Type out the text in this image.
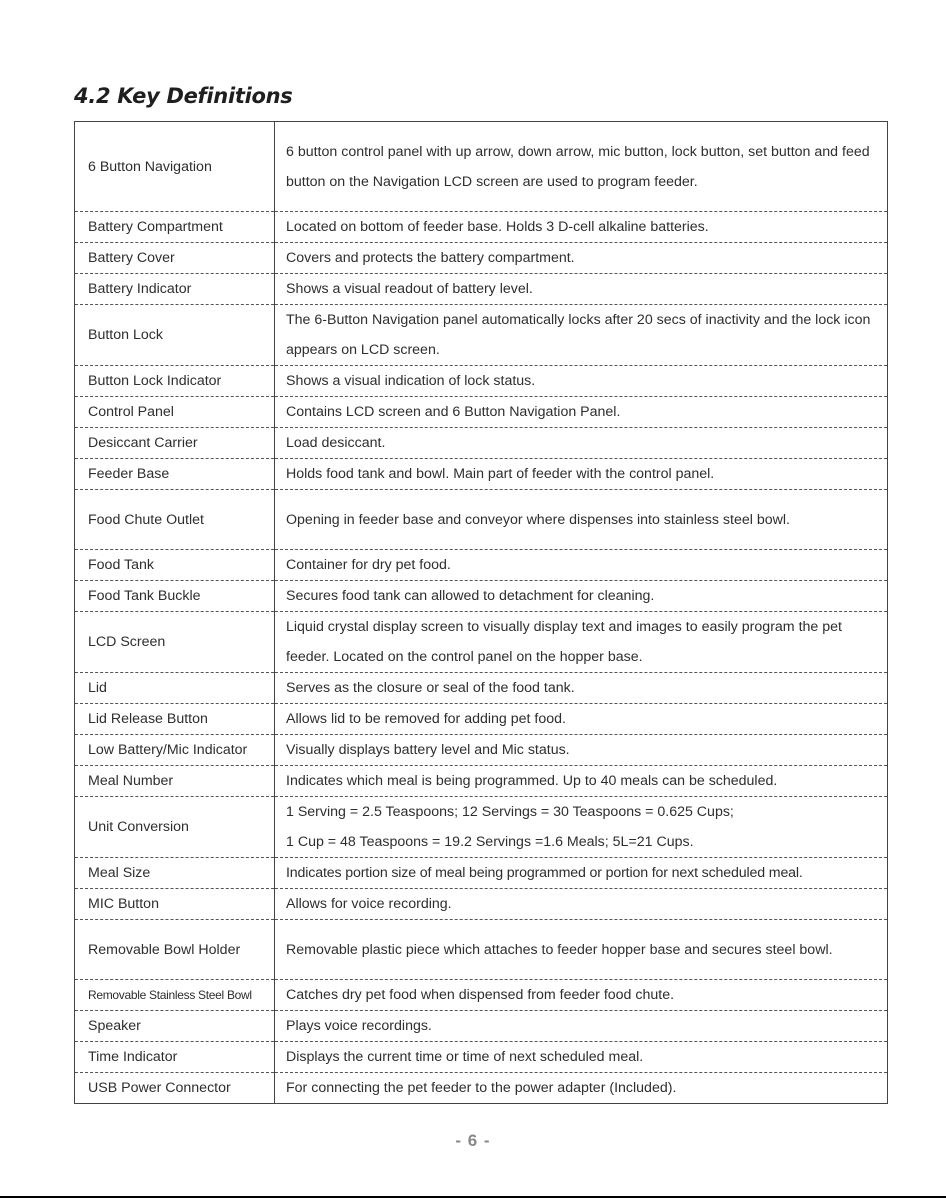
4.2 Key Definitions
6 Button Navigation	6 button control panel with up arrow, down arrow, mic button, lock button, set button and feed button on the Navigation LCD screen are used to program feeder.
Battery Compartment	Located on bottom of feeder base. Holds 3 D-cell alkaline batteries.
Battery Cover	Covers and protects the battery compartment.
Battery Indicator	Shows a visual readout of battery level.
Button Lock	The 6-Button Navigation panel automatically locks after 20 secs of inactivity and the lock icon appears on LCD screen.
Button Lock Indicator	Shows a visual indication of lock status.
Control Panel	Contains LCD screen and 6 Button Navigation Panel.
Desiccant Carrier	Load desiccant.
Feeder Base	Holds food tank and bowl. Main part of feeder with the control panel.
Food Chute Outlet	Opening in feeder base and conveyor where dispenses into stainless steel bowl.
Food Tank	Container for dry pet food.
Food Tank Buckle	Secures food tank can allowed to detachment for cleaning.
LCD Screen	Liquid crystal display screen to visually display text and images to easily program the pet feeder. Located on the control panel on the hopper base.
Lid	Serves as the closure or seal of the food tank.
Lid Release Button	Allows lid to be removed for adding pet food.
Low Battery/Mic Indicator	Visually displays battery level and Mic status.
Meal Number	Indicates which meal is being programmed. Up to 40 meals can be scheduled.
Unit Conversion	1 Serving = 2.5 Teaspoons; 12 Servings = 30 Teaspoons = 0.625 Cups;
1 Cup = 48 Teaspoons = 19.2 Servings =1.6 Meals; 5L=21 Cups.

Meal Size	Indicates portion size of meal being programmed or portion for next scheduled meal.
MIC Button	Allows for voice recording.
Removable Bowl Holder	Removable plastic piece which attaches to feeder hopper base and secures steel bowl.
Removable Stainless Steel Bowl	Catches dry pet food when dispensed from feeder food chute.
Speaker	Plays voice recordings.
Time Indicator	Displays the current time or time of next scheduled meal.
USB Power Connector	For connecting the pet feeder to the power adapter (Included).
- 6 -
